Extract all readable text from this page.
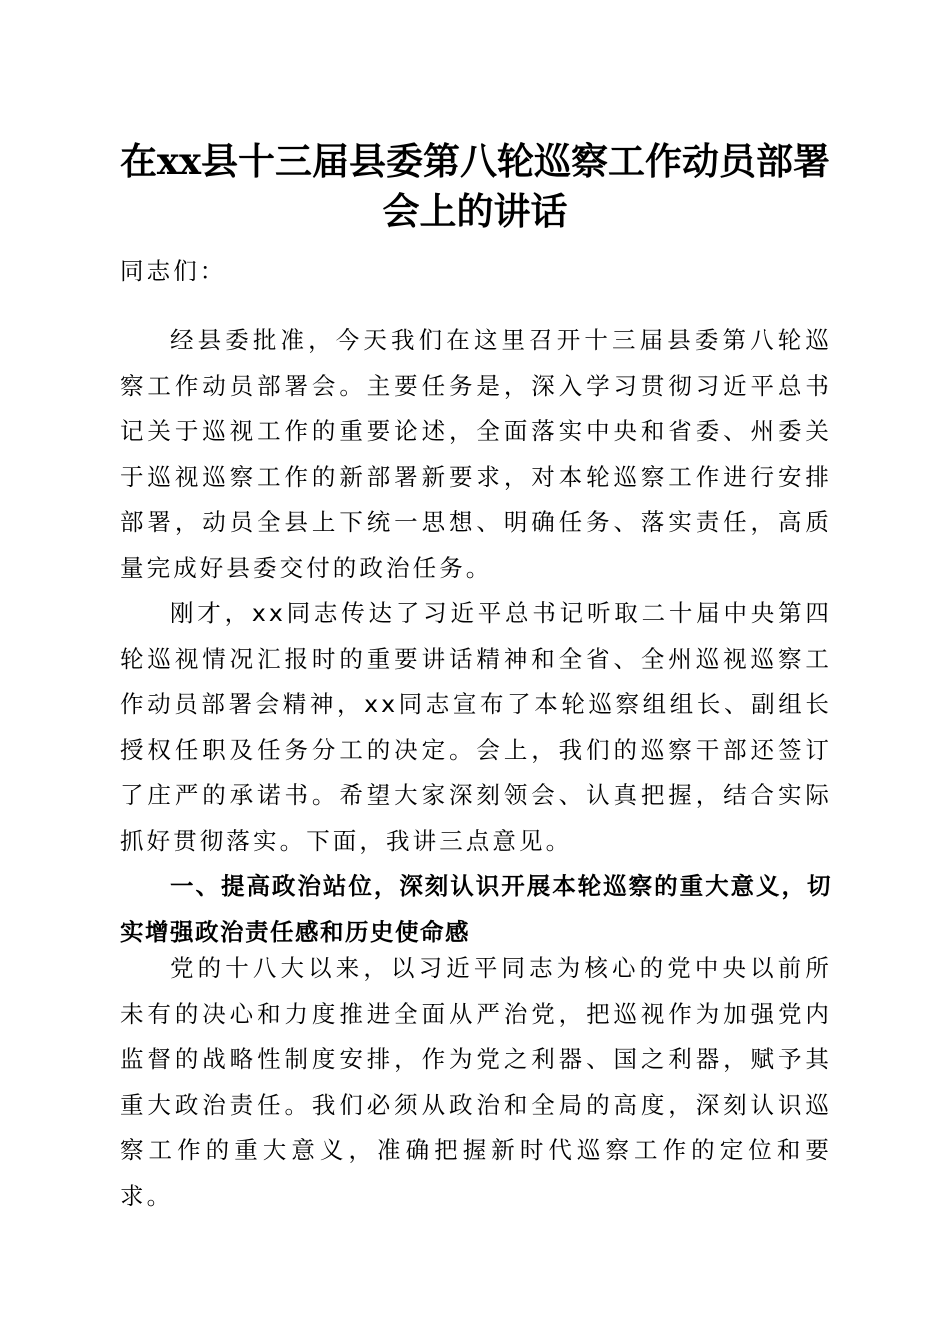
在xx县十三届县委第八轮巡察工作动员部署
会上的讲话

同志们：

经县委批准，今天我们在这里召开十三届县委第八轮巡察工作动员部署会。主要任务是，深入学习贯彻习近平总书记关于巡视工作的重要论述，全面落实中央和省委、州委关于巡视巡察工作的新部署新要求，对本轮巡察工作进行安排部署，动员全县上下统一思想、明确任务、落实责任，高质量完成好县委交付的政治任务。

刚才，xx同志传达了习近平总书记听取二十届中央第四轮巡视情况汇报时的重要讲话精神和全省、全州巡视巡察工作动员部署会精神，xx同志宣布了本轮巡察组组长、副组长授权任职及任务分工的决定。会上，我们的巡察干部还签订了庄严的承诺书。希望大家深刻领会、认真把握，结合实际抓好贯彻落实。下面，我讲三点意见。

一、提高政治站位，深刻认识开展本轮巡察的重大意义，切实增强政治责任感和历史使命感

党的十八大以来，以习近平同志为核心的党中央以前所未有的决心和力度推进全面从严治党，把巡视作为加强党内监督的战略性制度安排，作为党之利器、国之利器，赋予其重大政治责任。我们必须从政治和全局的高度，深刻认识巡察工作的重大意义，准确把握新时代巡察工作的定位和要求。
